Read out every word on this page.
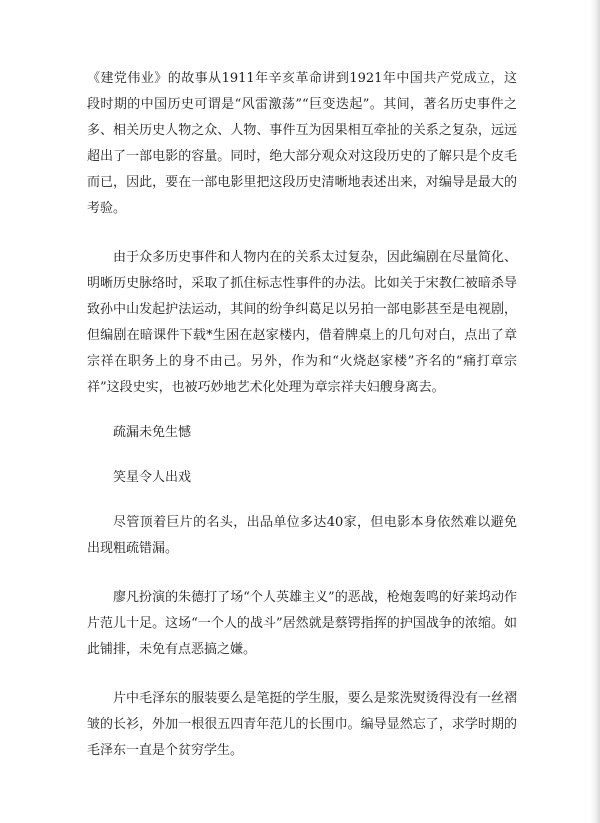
《建党伟业》的故事从1911年辛亥革命讲到1921年中国共产党成立，这段时期的中国历史可谓是“风雷激荡”“巨变迭起”。其间，著名历史事件之多、相关历史人物之众、人物、事件互为因果相互牵扯的关系之复杂，远远超出了一部电影的容量。同时，绝大部分观众对这段历史的了解只是个皮毛而已，因此，要在一部电影里把这段历史清晰地表述出来，对编导是最大的考验。

由于众多历史事件和人物内在的关系太过复杂，因此编剧在尽量简化、明晰历史脉络时，采取了抓住标志性事件的办法。比如关于宋教仁被暗杀导致孙中山发起护法运动，其间的纷争纠葛足以另拍一部电影甚至是电视剧，但编剧在暗课件下载*生困在赵家楼内，借着牌桌上的几句对白，点出了章宗祥在职务上的身不由己。另外，作为和“火烧赵家楼”齐名的“痛打章宗祥”这段史实，也被巧妙地艺术化处理为章宗祥夫妇艘身离去。

疏漏未免生憾

笑星令人出戏

尽管顶着巨片的名头，出品单位多达40家，但电影本身依然难以避免出现粗疏错漏。

廖凡扮演的朱德打了场“个人英雄主义”的恶战，枪炮轰鸣的好莱坞动作片范儿十足。这场“一个人的战斗”居然就是蔡锷指挥的护国战争的浓缩。如此铺排，未免有点恶搞之嫌。

片中毛泽东的服装要么是笔挺的学生服，要么是浆洗熨烫得没有一丝褶皱的长衫，外加一根很五四青年范儿的长围巾。编导显然忘了，求学时期的毛泽东一直是个贫穷学生。
